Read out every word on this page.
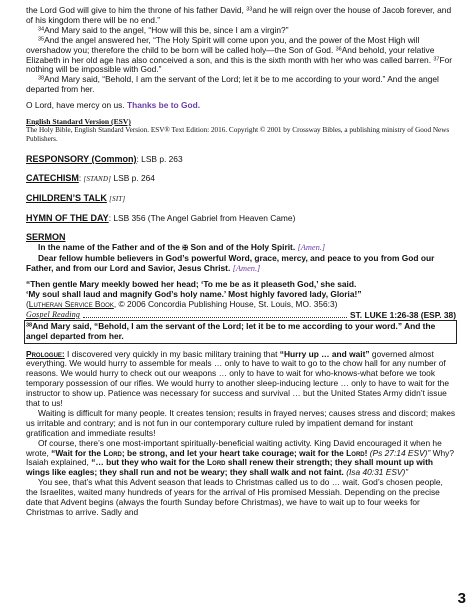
the Lord God will give to him the throne of his father David, $^{33}$and he will reign over the house of Jacob forever, and of his kingdom there will be no end.”

$^{34}$And Mary said to the angel, “How will this be, since I am a virgin?”

$^{35}$And the angel answered her, “The Holy Spirit will come upon you, and the power of the Most High will overshadow you; therefore the child to be born will be called holy—the Son of God. $^{36}$And behold, your relative Elizabeth in her old age has also conceived a son, and this is the sixth month with her who was called barren. $^{37}$For nothing will be impossible with God.”

$^{38}$And Mary said, “Behold, I am the servant of the Lord; let it be to me according to your word.” And the angel departed from her.

O Lord, have mercy on us. Thanks be to God.

English Standard Version (ESV)

The Holy Bible, English Standard Version. ESV® Text Edition: 2016. Copyright © 2001 by Crossway Bibles, a publishing ministry of Good News Publishers.

RESPONSORY (Common): LSB p. 263

CATECHISM: [STAND] LSB p. 264

CHILDREN’S TALK [SIT]

HYMN OF THE DAY: LSB 356 (The Angel Gabriel from Heaven Came)

SERMON

In the name of the Father and of the ✠ Son and of the Holy Spirit. [Amen.]

Dear fellow humble believers in God’s powerful Word, grace, mercy, and peace to you from God our Father, and from our Lord and Savior, Jesus Christ. [Amen.]

“Then gentle Mary meekly bowed her head; ‘To me be as it pleaseth God,’ she said.

‘My soul shall laud and magnify God’s holy name.’ Most highly favored lady, Gloria!”

(Lutheran Service Book, © 2006 Concordia Publishing House, St. Louis, MO. 356:3)

Gospel Reading	ST. LUKE 1:26-38 (ESP. 38)

$^{38}$And Mary said, “Behold, I am the servant of the Lord; let it be to me according to your word.” And the angel departed from her.

Prologue: I discovered very quickly in my basic military training that “Hurry up … and wait” governed almost everything. We would hurry to assemble for meals … only to have to wait to go to the chow hall for any number of reasons. We would hurry to check out our weapons … only to have to wait for who-knows-what before we took temporary possession of our rifles. We would hurry to another sleep-inducing lecture … only to have to wait for the instructor to show up. Patience was necessary for success and survival … but the United States Army didn’t issue that to us!

Waiting is difficult for many people. It creates tension; results in frayed nerves; causes stress and discord; makes us irritable and contrary; and is not fun in our contemporary culture ruled by impatient demand for instant gratification and immediate results!

Of course, there’s one most-important spiritually-beneficial waiting activity. King David encouraged it when he wrote, “Wait for the Lord; be strong, and let your heart take courage; wait for the Lord! (Ps 27:14 ESV)” Why? Isaiah explained, “… but they who wait for the Lord shall renew their strength; they shall mount up with wings like eagles; they shall run and not be weary; they shall walk and not faint. (Isa 40:31 ESV)”

You see, that’s what this Advent season that leads to Christmas called us to do … wait. God’s chosen people, the Israelites, waited many hundreds of years for the arrival of His promised Messiah. Depending on the precise date that Advent begins (always the fourth Sunday before Christmas), we have to wait up to four weeks for Christmas to arrive. Sadly and

3
